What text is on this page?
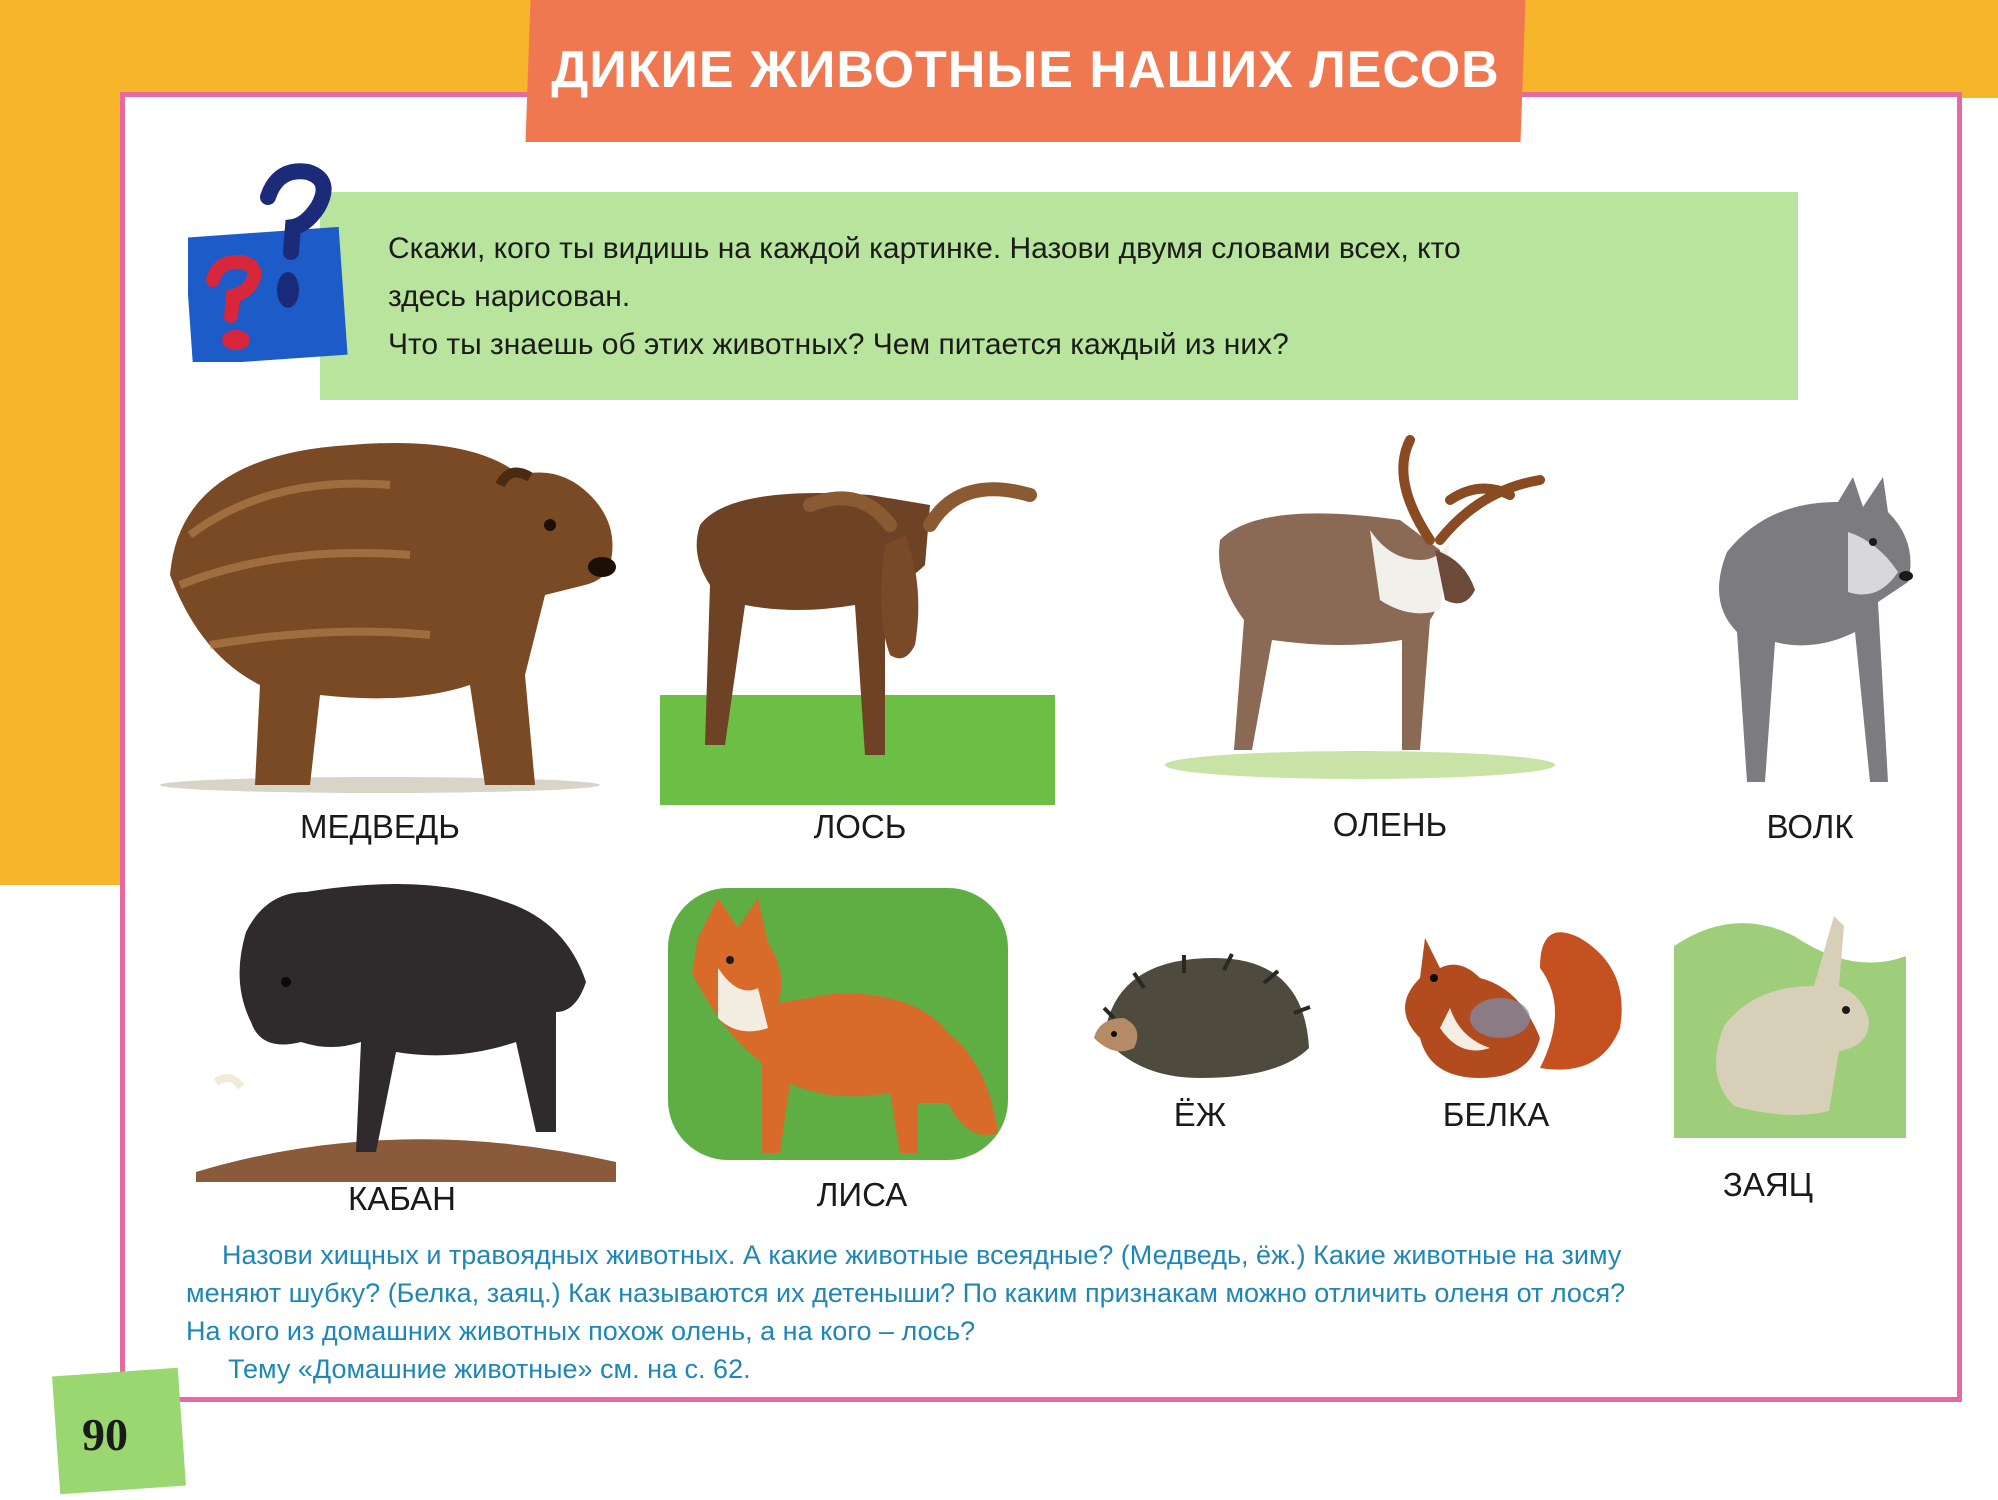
ДИКИЕ ЖИВОТНЫЕ НАШИХ ЛЕСОВ
Скажи, кого ты видишь на каждой картинке. Назови двумя словами всех, кто
здесь нарисован.
Что ты знаешь об этих животных? Чем питается каждый из них?
МЕДВЕДЬ	ЛОСЬ	ОЛЕНЬ	ВОЛК
КАБАН	ЛИСА
ЁЖ	БЕЛКА
ЗАЯЦ
Назови хищных и травоядных животных. А какие животные всеядные? (Медведь, ёж.) Какие животные на зиму
меняют шубку? (Белка, заяц.) Как называются их детеныши? По каким признакам можно отличить оленя от лося?
На кого из домашних животных похож олень, а на кого – лось?
Тему «Домашние животные» см. на с. 62.
90
